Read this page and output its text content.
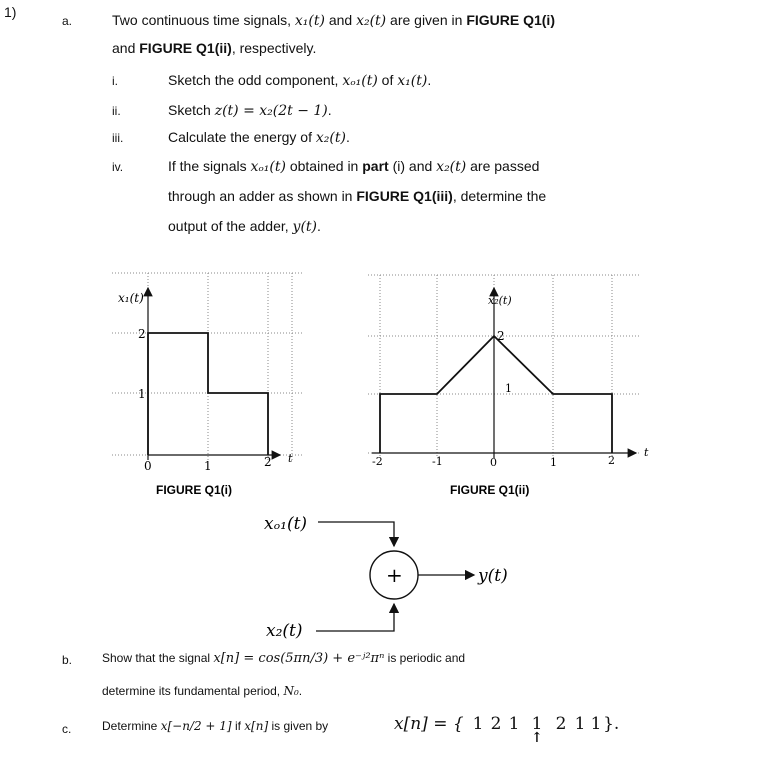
1)
a.	Two continuous time signals, x₁(t) and x₂(t) are given in FIGURE Q1(i)
and FIGURE Q1(ii), respectively.
i.	Sketch the odd component, xₒ₁(t) of x₁(t).
ii.	Sketch z(t) = x₂(2t − 1).
iii.	Calculate the energy of x₂(t).
iv.	If the signals xₒ₁(t) obtained in part (i) and x₂(t) are passed
through an adder as shown in FIGURE Q1(iii), determine the
output of the adder, y(t).
x₁(t)
2
1
0	1	2 t
FIGURE Q1(i)
x₂(t)
2
1
-2	-1	0	1	2
t
FIGURE Q1(ii)
xₒ₁(t)
+	y(t)
x₂(t)
b. Show that the signal x[n] = cos(5πn/3) + e⁻ʲ²πⁿ is periodic and
determine its fundamental period, N₀.
c.	Determine x[−n/2 + 1] if x[n] is given by	x[n] = { 1 2 1 1
↑
2 1 1}.
